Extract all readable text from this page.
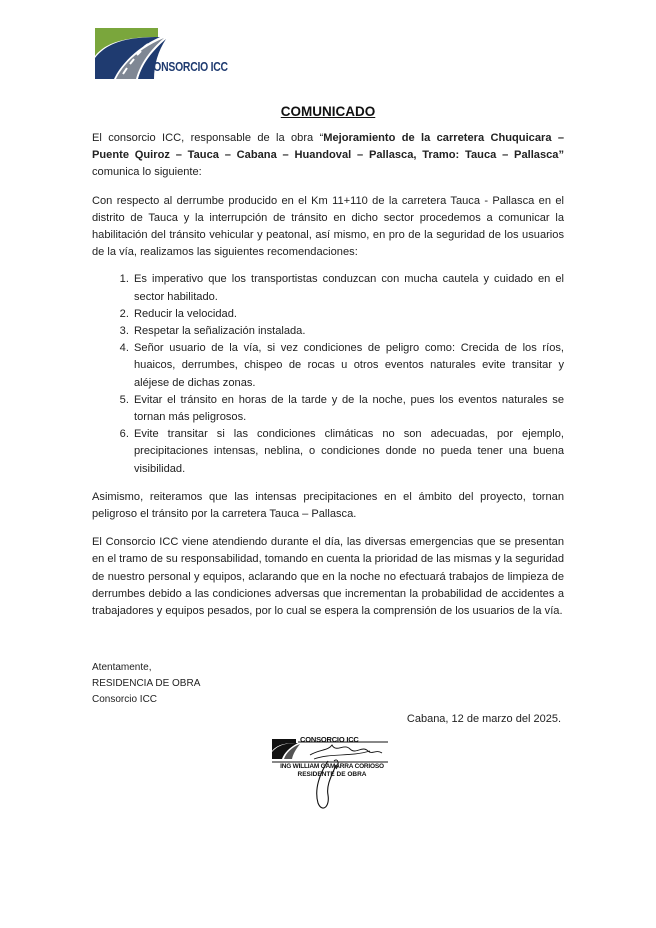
CONSORCIO ICC
COMUNICADO

El consorcio ICC, responsable de la obra “Mejoramiento de la carretera Chuquicara – Puente Quiroz – Tauca – Cabana – Huandoval – Pallasca, Tramo: Tauca – Pallasca” comunica lo siguiente:

Con respecto al derrumbe producido en el Km 11+110 de la carretera Tauca - Pallasca en el distrito de Tauca y la interrupción de tránsito en dicho sector procedemos a comunicar la habilitación del tránsito vehicular y peatonal, así mismo, en pro de la seguridad de los usuarios de la vía, realizamos las siguientes recomendaciones:

1. Es imperativo que los transportistas conduzcan con mucha cautela y cuidado en el sector habilitado.
2. Reducir la velocidad.
3. Respetar la señalización instalada.
4. Señor usuario de la vía, si vez condiciones de peligro como: Crecida de los ríos, huaicos, derrumbes, chispeo de rocas u otros eventos naturales evite transitar y aléjese de dichas zonas.
5. Evitar el tránsito en horas de la tarde y de la noche, pues los eventos naturales se tornan más peligrosos.
6. Evite transitar si las condiciones climáticas no son adecuadas, por ejemplo, precipitaciones intensas, neblina, o condiciones donde no pueda tener una buena visibilidad.

Asimismo, reiteramos que las intensas precipitaciones en el ámbito del proyecto, tornan peligroso el tránsito por la carretera Tauca – Pallasca.

El Consorcio ICC viene atendiendo durante el día, las diversas emergencias que se presentan en el tramo de su responsabilidad, tomando en cuenta la prioridad de las mismas y la seguridad de nuestro personal y equipos, aclarando que en la noche no efectuará trabajos de limpieza de derrumbes debido a las condiciones adversas que incrementan la probabilidad de accidentes a trabajadores y equipos pesados, por lo cual se espera la comprensión de los usuarios de la vía.

Atentamente,
RESIDENCIA DE OBRA
Consorcio ICC
Cabana, 12 de marzo del 2025.
CONSORCIO ICC
ING WILLIAM GAMARRA CORIOSO
RESIDENTE DE OBRA
